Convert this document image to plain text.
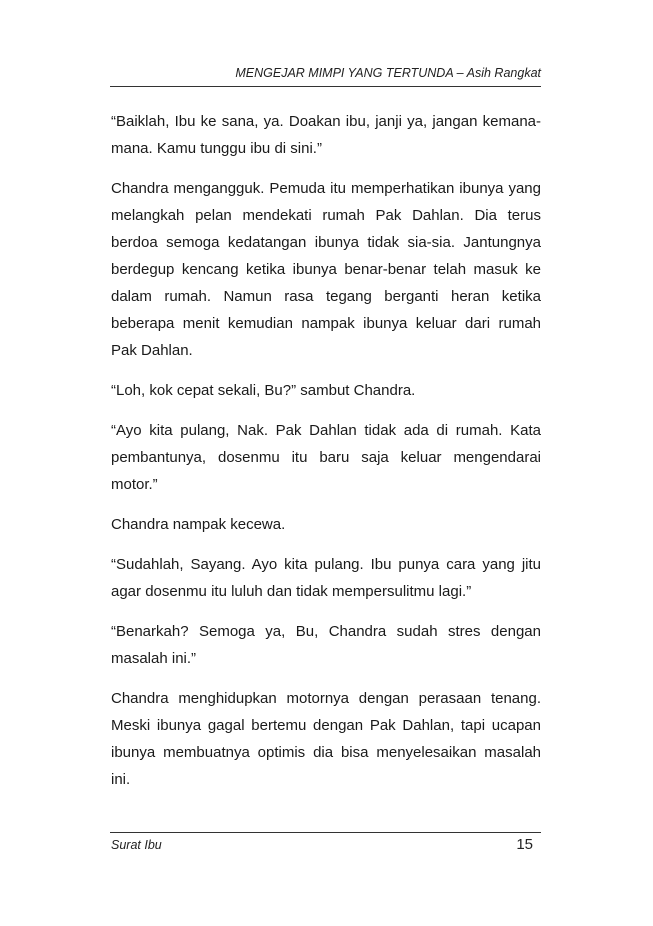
MENGEJAR MIMPI YANG TERTUNDA – Asih Rangkat

“Baiklah, Ibu ke sana, ya. Doakan ibu, janji ya, jangan kemana-mana. Kamu tunggu ibu di sini.”

Chandra mengangguk. Pemuda itu memperhatikan ibunya yang melangkah pelan mendekati rumah Pak Dahlan. Dia terus berdoa semoga kedatangan ibunya tidak sia-sia. Jantungnya berdegup kencang ketika ibunya benar-benar telah masuk ke dalam rumah. Namun rasa tegang berganti heran ketika beberapa menit kemudian nampak ibunya keluar dari rumah Pak Dahlan.

“Loh, kok cepat sekali, Bu?” sambut Chandra.

“Ayo kita pulang, Nak. Pak Dahlan tidak ada di rumah. Kata pembantunya, dosenmu itu baru saja keluar mengendarai motor.”

Chandra nampak kecewa.

“Sudahlah, Sayang. Ayo kita pulang. Ibu punya cara yang jitu agar dosenmu itu luluh dan tidak mempersulitmu lagi.”

“Benarkah? Semoga ya, Bu, Chandra sudah stres dengan masalah ini.”

Chandra menghidupkan motornya dengan perasaan tenang. Meski ibunya gagal bertemu dengan Pak Dahlan, tapi ucapan ibunya membuatnya optimis dia bisa menyelesaikan masalah ini.

Surat Ibu	15
